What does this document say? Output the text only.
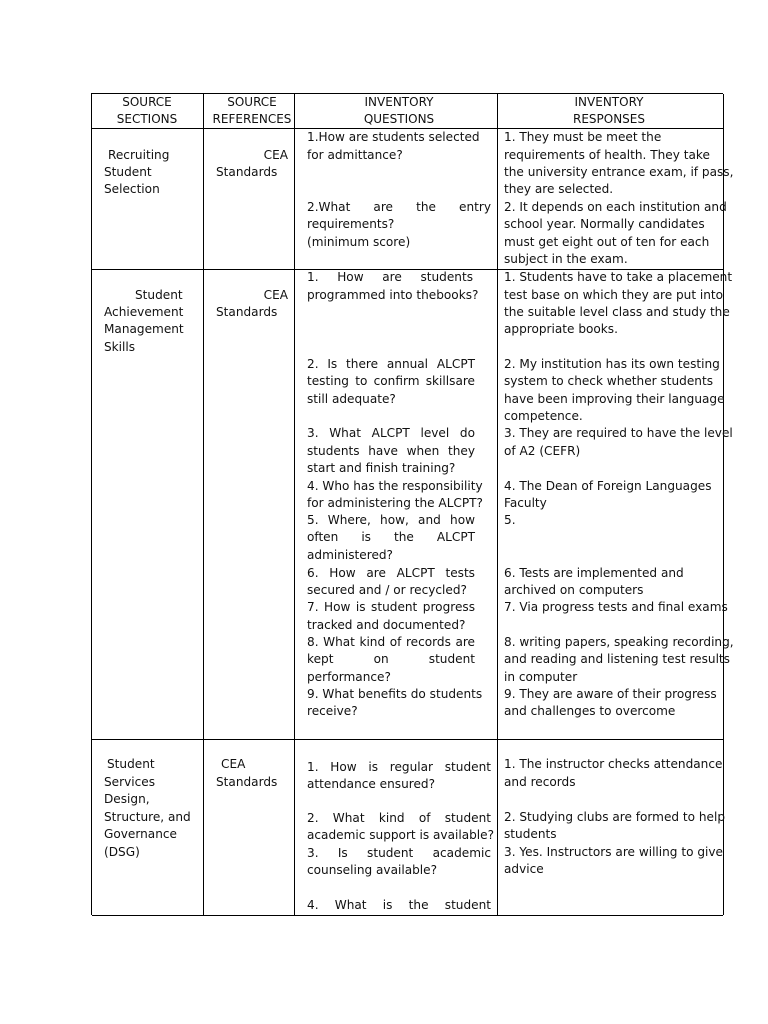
SOURCE SECTIONS
SOURCE REFERENCES
INVENTORY QUESTIONS
INVENTORY RESPONSES
Recruiting
Student
Selection
CEA
Standards
1.How are students selected
for admittance?
2.What are the entry
requirements?
(minimum score)
1. They must be meet the
requirements of health. They take
the university entrance exam, if pass,
they are selected.
2. It depends on each institution and
school year. Normally candidates
must get eight out of ten for each
subject in the exam.
Student
Achievement
Management
Skills
CEA
Standards
1. How are students
programmed into thebooks?
2. Is there annual ALCPT
testing to confirm skillsare
still adequate?
3. What ALCPT level do
students have when they
start and finish training?
4. Who has the responsibility
for administering the ALCPT?
5. Where, how, and how
often is the ALCPT
administered?
6. How are ALCPT tests
secured and / or recycled?
7. How is student progress
tracked and documented?
8. What kind of records are
kept on student
performance?
9. What benefits do students
receive?
1. Students have to take a placement
test base on which they are put into
the suitable level class and study the
appropriate books.
2. My institution has its own testing
system to check whether students
have been improving their language
competence.
3. They are required to have the level
of A2 (CEFR)
4. The Dean of Foreign Languages
Faculty
5.
6. Tests are implemented and
archived on computers
7. Via progress tests and final exams
8. writing papers, speaking recording,
and reading and listening test results
in computer
9. They are aware of their progress
and challenges to overcome
Student
Services
Design,
Structure, and
Governance
(DSG)
CEA
Standards
1. How is regular student
attendance ensured?
2. What kind of student
academic support is available?
3. Is student academic
counseling available?
4. What is the student
1. The instructor checks attendance
and records
2. Studying clubs are formed to help
students
3. Yes. Instructors are willing to give
advice
